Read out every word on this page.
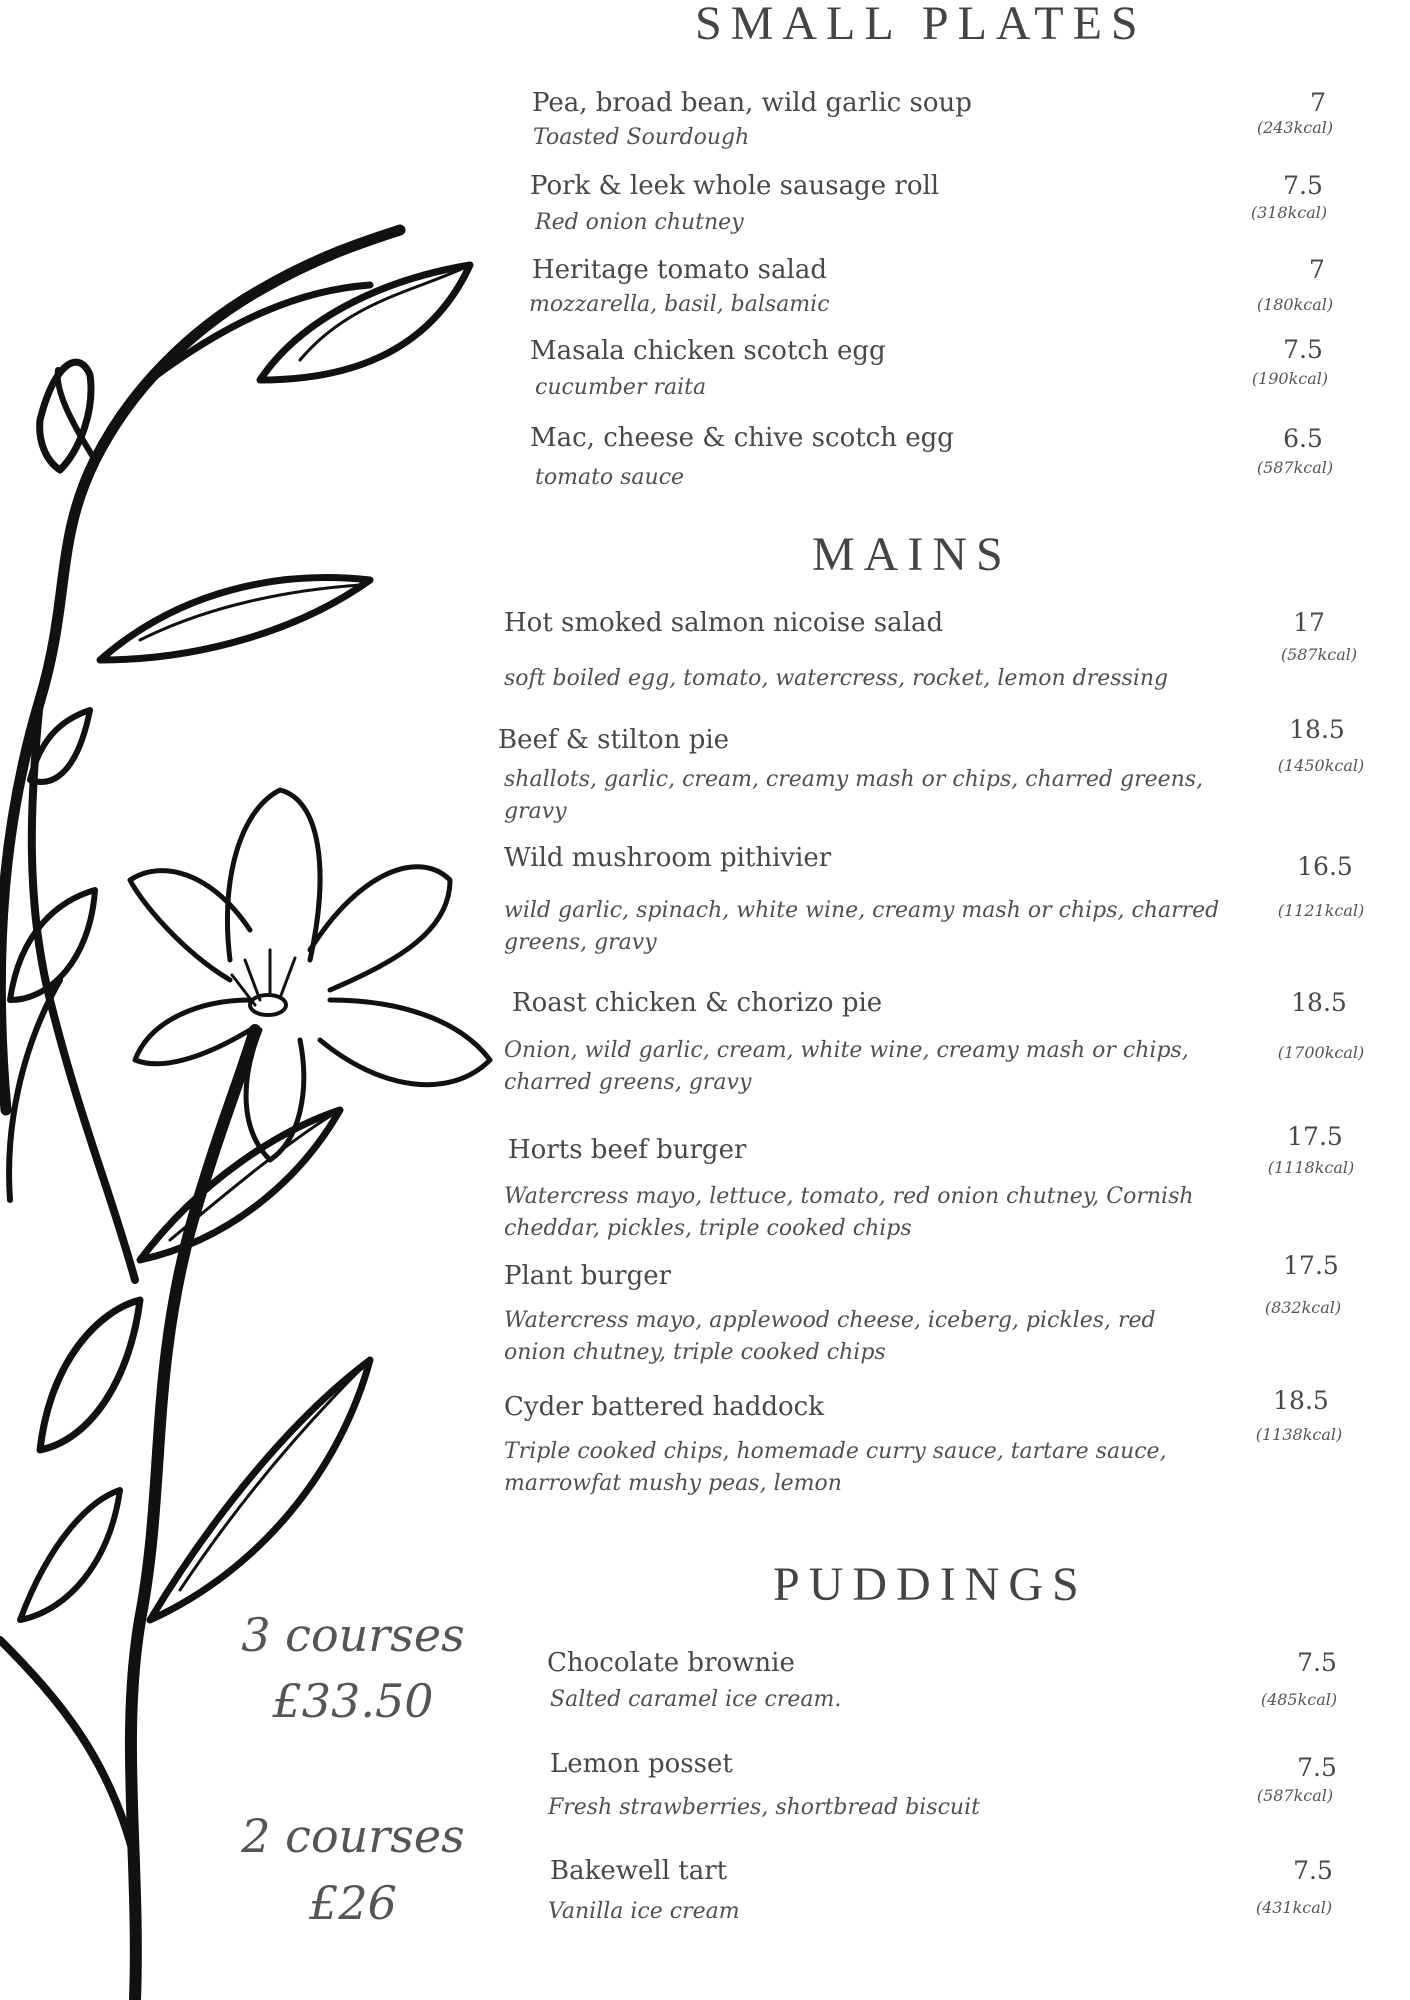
SMALL PLATES
Pea, broad bean, wild garlic soup
Toasted Sourdough
7
(243kcal)
Pork & leek whole sausage roll
Red onion chutney
7.5
(318kcal)
Heritage tomato salad
mozzarella, basil, balsamic
7
(180kcal)
Masala chicken scotch egg
cucumber raita
7.5
(190kcal)
Mac, cheese & chive scotch egg
tomato sauce
6.5
(587kcal)
MAINS
Hot smoked salmon nicoise salad
soft boiled egg, tomato, watercress, rocket, lemon dressing
17
(587kcal)
Beef & stilton pie
shallots, garlic, cream, creamy mash or chips, charred greens, gravy
18.5
(1450kcal)
Wild mushroom pithivier
wild garlic, spinach, white wine, creamy mash or chips, charred greens, gravy
16.5
(1121kcal)
Roast chicken & chorizo pie
Onion, wild garlic, cream, white wine, creamy mash or chips, charred greens, gravy
18.5
(1700kcal)
Horts beef burger
Watercress mayo, lettuce, tomato, red onion chutney, Cornish cheddar, pickles, triple cooked chips
17.5
(1118kcal)
Plant burger
Watercress mayo, applewood cheese, iceberg, pickles, red onion chutney, triple cooked chips
17.5
(832kcal)
Cyder battered haddock
Triple cooked chips, homemade curry sauce, tartare sauce, marrowfat mushy peas, lemon
18.5
(1138kcal)
PUDDINGS
Chocolate brownie
Salted caramel ice cream.
7.5
(485kcal)
Lemon posset
Fresh strawberries, shortbread biscuit
7.5
(587kcal)
Bakewell tart
Vanilla ice cream
7.5
(431kcal)
3 courses
£33.50
2 courses
£26
